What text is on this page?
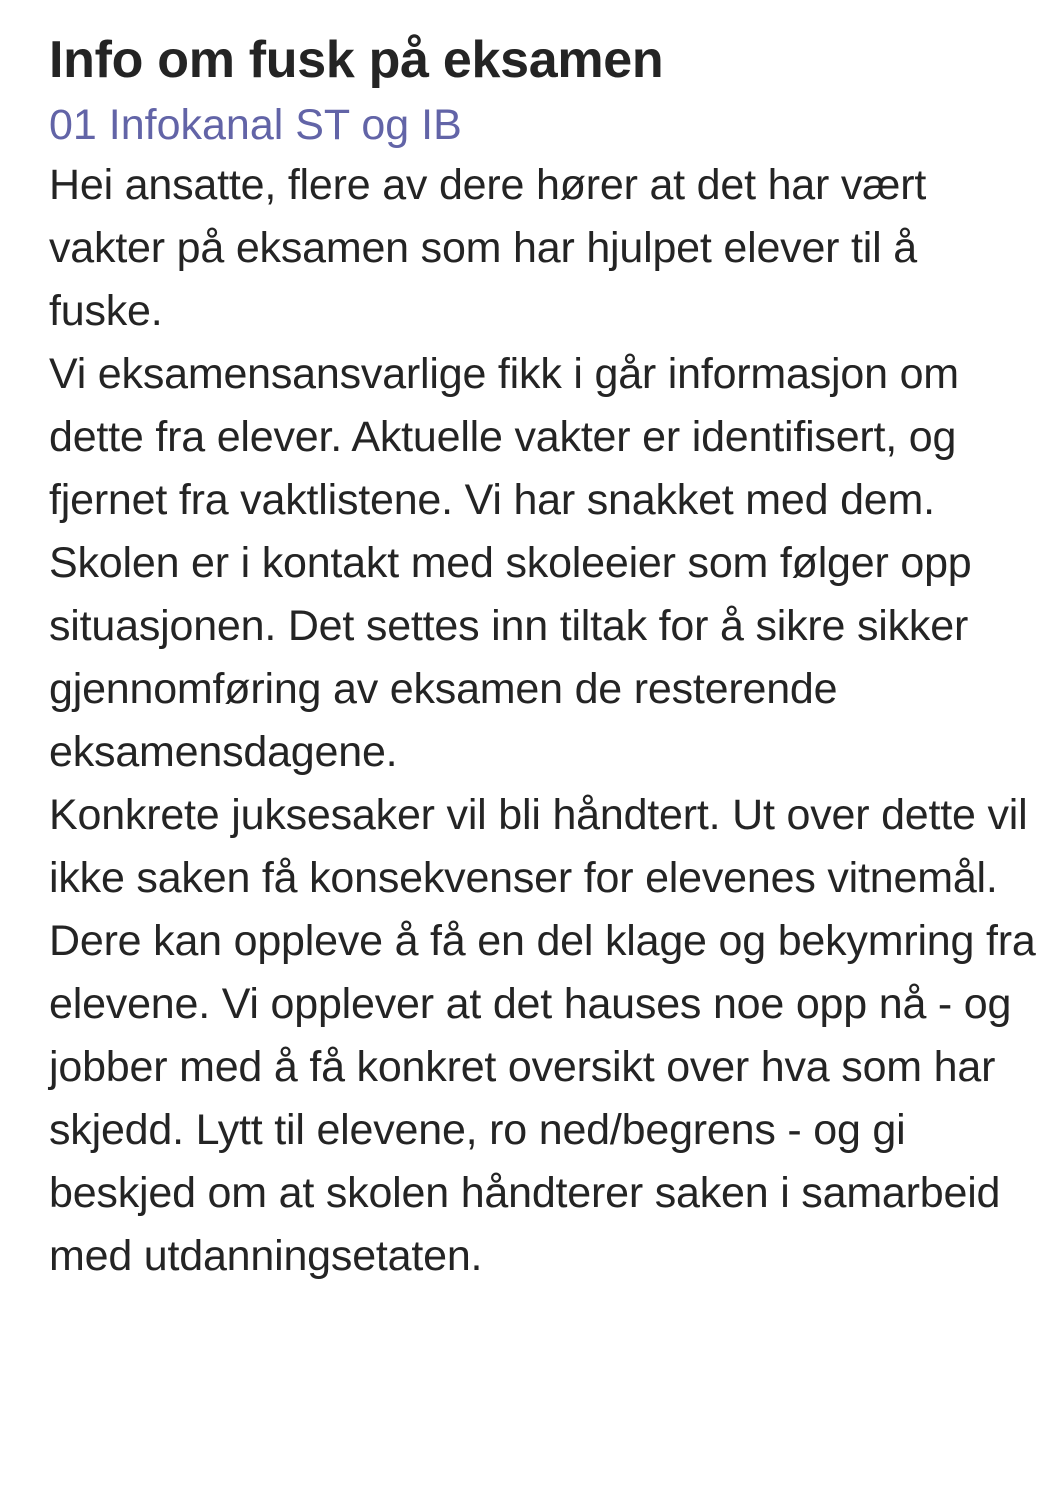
Info om fusk på eksamen
01 Infokanal ST og IB

Hei ansatte, flere av dere hører at det har vært vakter på eksamen som har hjulpet elever til å fuske.

Vi eksamensansvarlige fikk i går informasjon om dette fra elever. Aktuelle vakter er identifisert, og fjernet fra vaktlistene. Vi har snakket med dem.

Skolen er i kontakt med skoleeier som følger opp situasjonen. Det settes inn tiltak for å sikre sikker gjennomføring av eksamen de resterende eksamensdagene.

Konkrete juksesaker vil bli håndtert. Ut over dette vil ikke saken få konsekvenser for elevenes vitnemål.

Dere kan oppleve å få en del klage og bekymring fra elevene. Vi opplever at det hauses noe opp nå - og jobber med å få konkret oversikt over hva som har skjedd. Lytt til elevene, ro ned/begrens - og gi beskjed om at skolen håndterer saken i samarbeid med utdanningsetaten.
